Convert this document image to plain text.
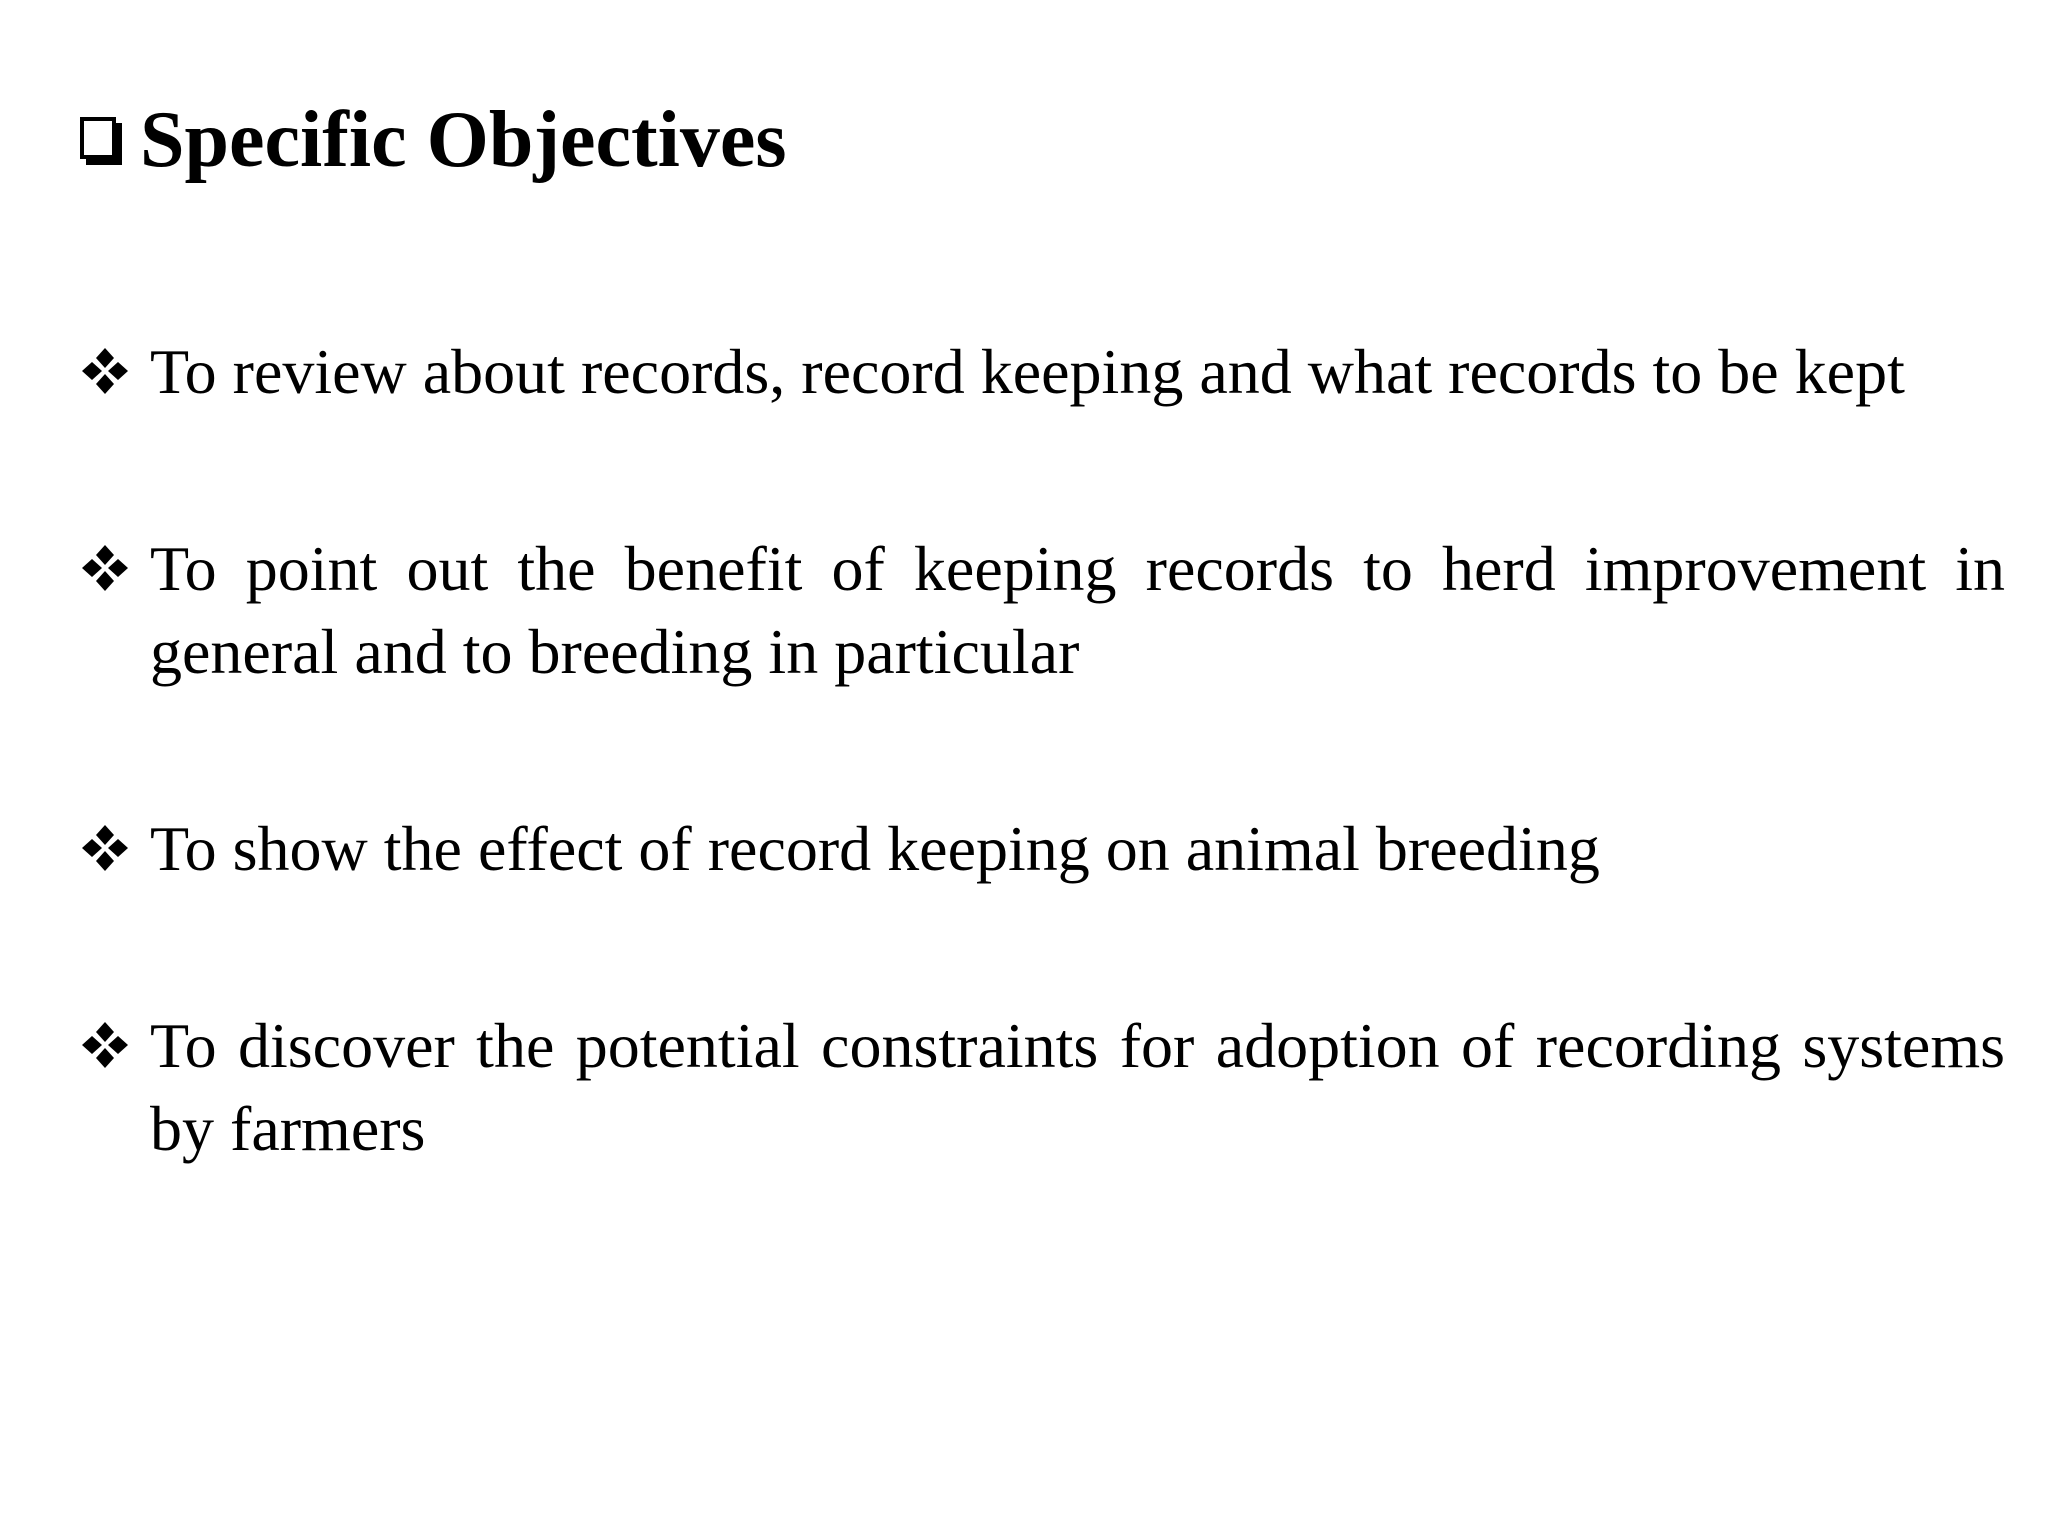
Specific Objectives
To review about records, record keeping and what records to be kept
To point out the benefit of keeping records to herd improvement in general and to breeding in particular
To show the effect of record keeping on animal breeding
To discover the potential constraints for adoption of recording systems by farmers
